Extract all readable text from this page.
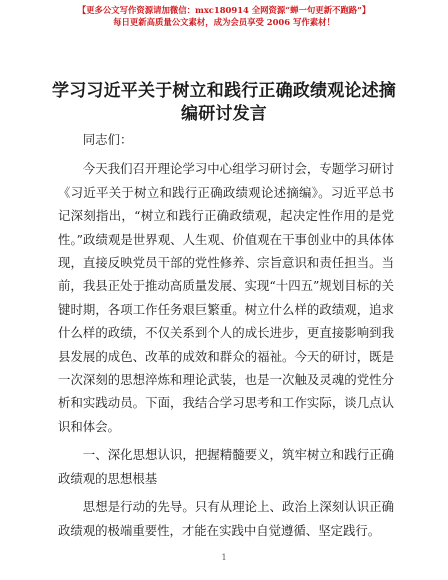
【更多公文写作资源请加微信：mxc180914 全网资源“蝉一句更新不跑路”】
每日更新高质量公文素材，成为会员享受 2006 写作素材！
学习习近平关于树立和践行正确政绩观论述摘编研讨发言

同志们：

今天我们召开理论学习中心组学习研讨会，专题学习研讨《习近平关于树立和践行正确政绩观论述摘编》。习近平总书记深刻指出，“树立和践行正确政绩观，起决定性作用的是党性。”政绩观是世界观、人生观、价值观在干事创业中的具体体现，直接反映党员干部的党性修养、宗旨意识和责任担当。当前，我县正处于推动高质量发展、实现“十四五”规划目标的关键时期，各项工作任务艰巨繁重。树立什么样的政绩观，追求什么样的政绩，不仅关系到个人的成长进步，更直接影响到我县发展的成色、改革的成效和群众的福祉。今天的研讨，既是一次深刻的思想淬炼和理论武装，也是一次触及灵魂的党性分析和实践动员。下面，我结合学习思考和工作实际，谈几点认识和体会。

一、深化思想认识，把握精髓要义，筑牢树立和践行正确政绩观的思想根基

思想是行动的先导。只有从理论上、政治上深刻认识正确政绩观的极端重要性，才能在实践中自觉遵循、坚定践行。

1
